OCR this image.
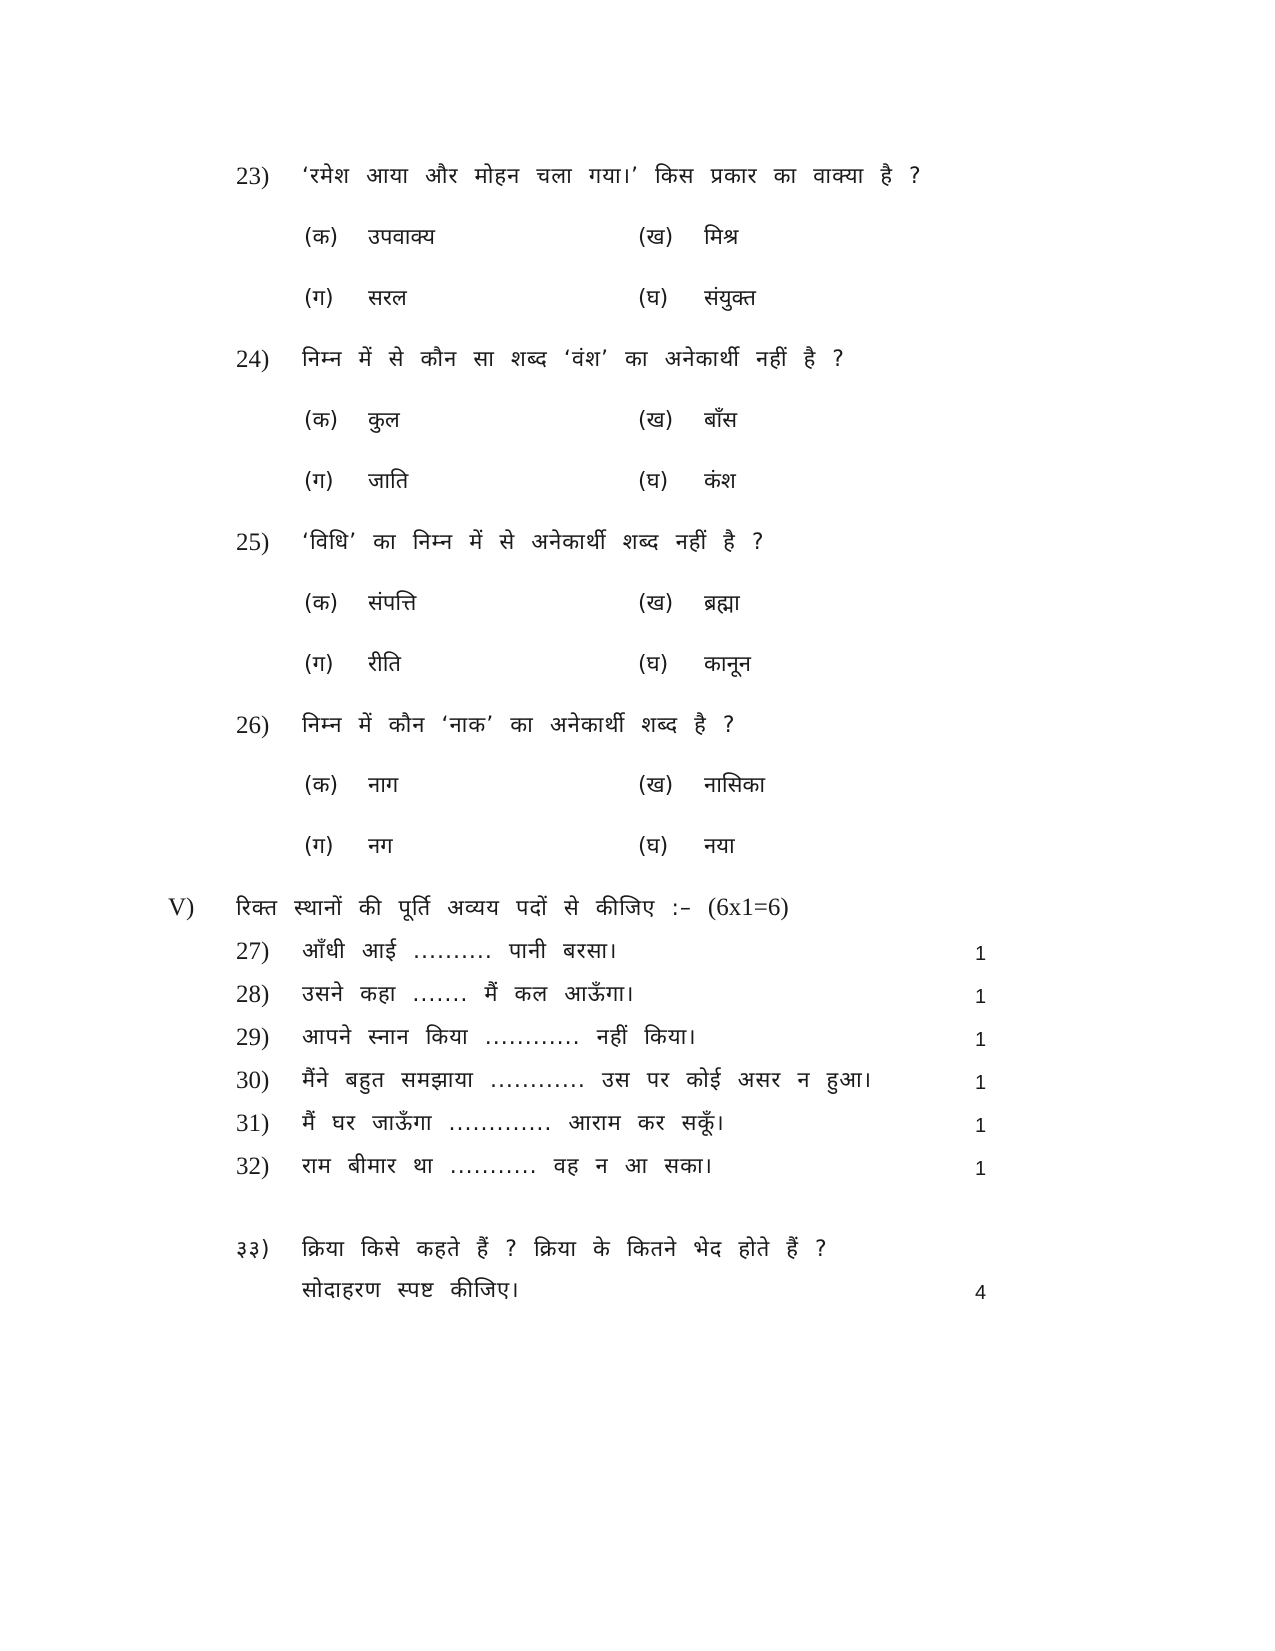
23) ‘रमेश आया और मोहन चला गया।’ किस प्रकार का वाक्या है ?
(क) उपवाक्य	(ख) मिश्र
(ग) सरल	(घ) संयुक्त
24) निम्न में से कौन सा शब्द ‘वंश’ का अनेकार्थी नहीं है ?
(क) कुल	(ख) बाँस
(ग) जाति	(घ) कंश
25) ‘विधि’ का निम्न में से अनेकार्थी शब्द नहीं है ?
(क) संपत्ति	(ख) ब्रह्मा
(ग) रीति	(घ) कानून
26) निम्न में कौन ‘नाक’ का अनेकार्थी शब्द है ?
(क) नाग	(ख) नासिका
(ग) नग	(घ) नया
V) रिक्त स्थानों की पूर्ति अव्यय पदों से कीजिए :– (6x1=6)
27) आँधी आई .......... पानी बरसा।	1
28) उसने कहा ....... मैं कल आऊँगा।	1
29) आपने स्नान किया ............ नहीं किया।	1
30) मैंने बहुत समझाया ............ उस पर कोई असर न हुआ।	1
31) मैं घर जाऊँगा ............. आराम कर सकूँ।	1
32) राम बीमार था ........... वह न आ सका।	1
३३) क्रिया किसे कहते हैं ? क्रिया के कितने भेद होते हैं ?
सोदाहरण स्पष्ट कीजिए।	4
